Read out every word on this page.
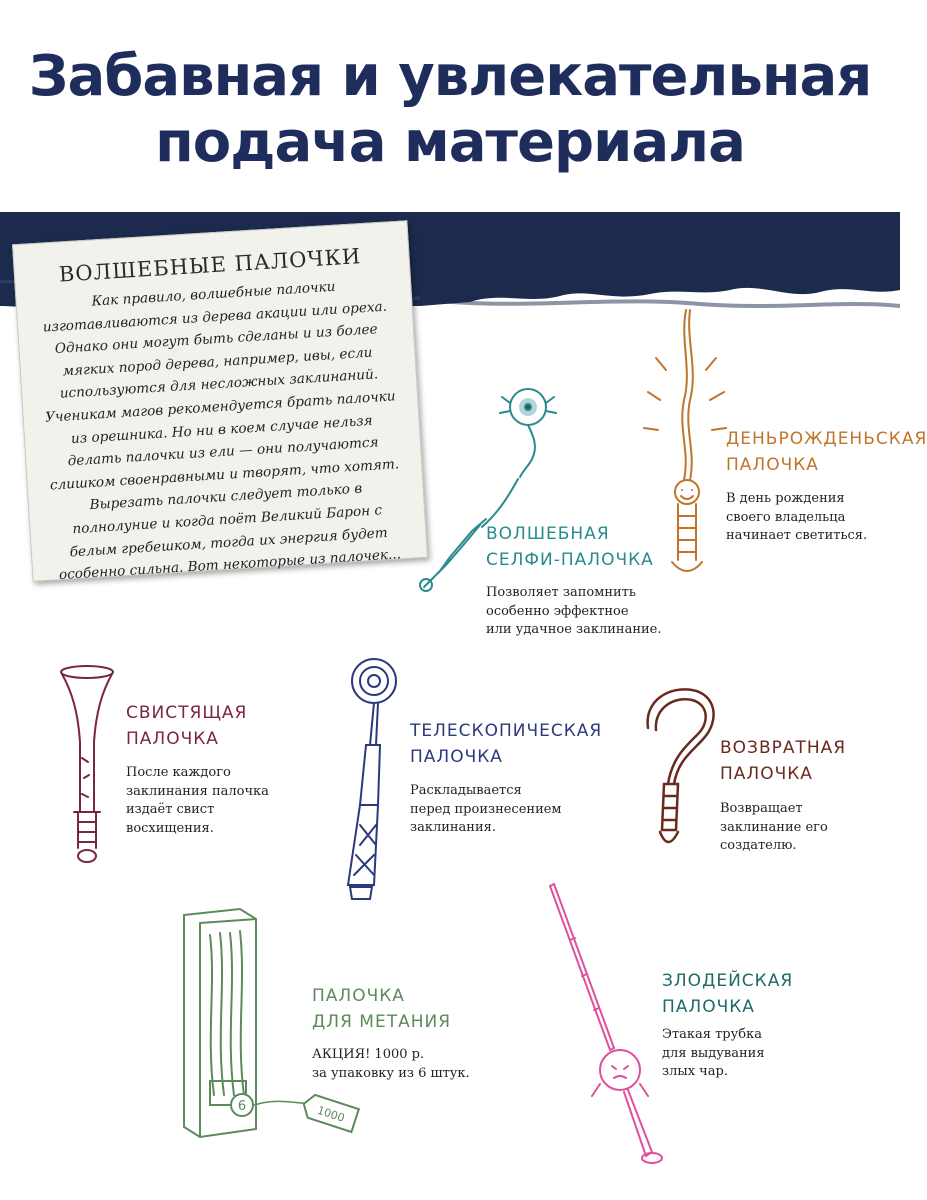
Забавная и увлекательная
подача материала
ВОЛШЕБНЫЕ ПАЛОЧКИ
Как правило, волшебные палочки изготавливаются из дерева акации или ореха. Однако они могут быть сделаны и из более мягких пород дерева, например, ивы, если используются для несложных заклинаний. Ученикам магов рекомендуется брать палочки из орешника. Но ни в коем случае нельзя делать палочки из ели — они получаются слишком своенравными и творят, что хотят. Вырезать палочки следует только в полнолуние и когда поёт Великий Барон с белым гребешком, тогда их энергия будет особенно сильна. Вот некоторые из палочек...
ВОЛШЕБНАЯ
СЕЛФИ-ПАЛОЧКА
Позволяет запомнить
особенно эффектное
или удачное заклинание.
ДЕНЬРОЖДЕНЬСКАЯ
ПАЛОЧКА
В день рождения
своего владельца
начинает светиться.
СВИСТЯЩАЯ
ПАЛОЧКА
После каждого
заклинания палочка
издаёт свист
восхищения.
ТЕЛЕСКОПИЧЕСКАЯ
ПАЛОЧКА
Раскладывается
перед произнесением
заклинания.
ВОЗВРАТНАЯ
ПАЛОЧКА
Возвращает
заклинание его
создателю.
6	1000
ПАЛОЧКА
ДЛЯ МЕТАНИЯ
АКЦИЯ! 1000 р.
за упаковку из 6 штук.
ЗЛОДЕЙСКАЯ
ПАЛОЧКА
Этакая трубка
для выдувания
злых чар.
